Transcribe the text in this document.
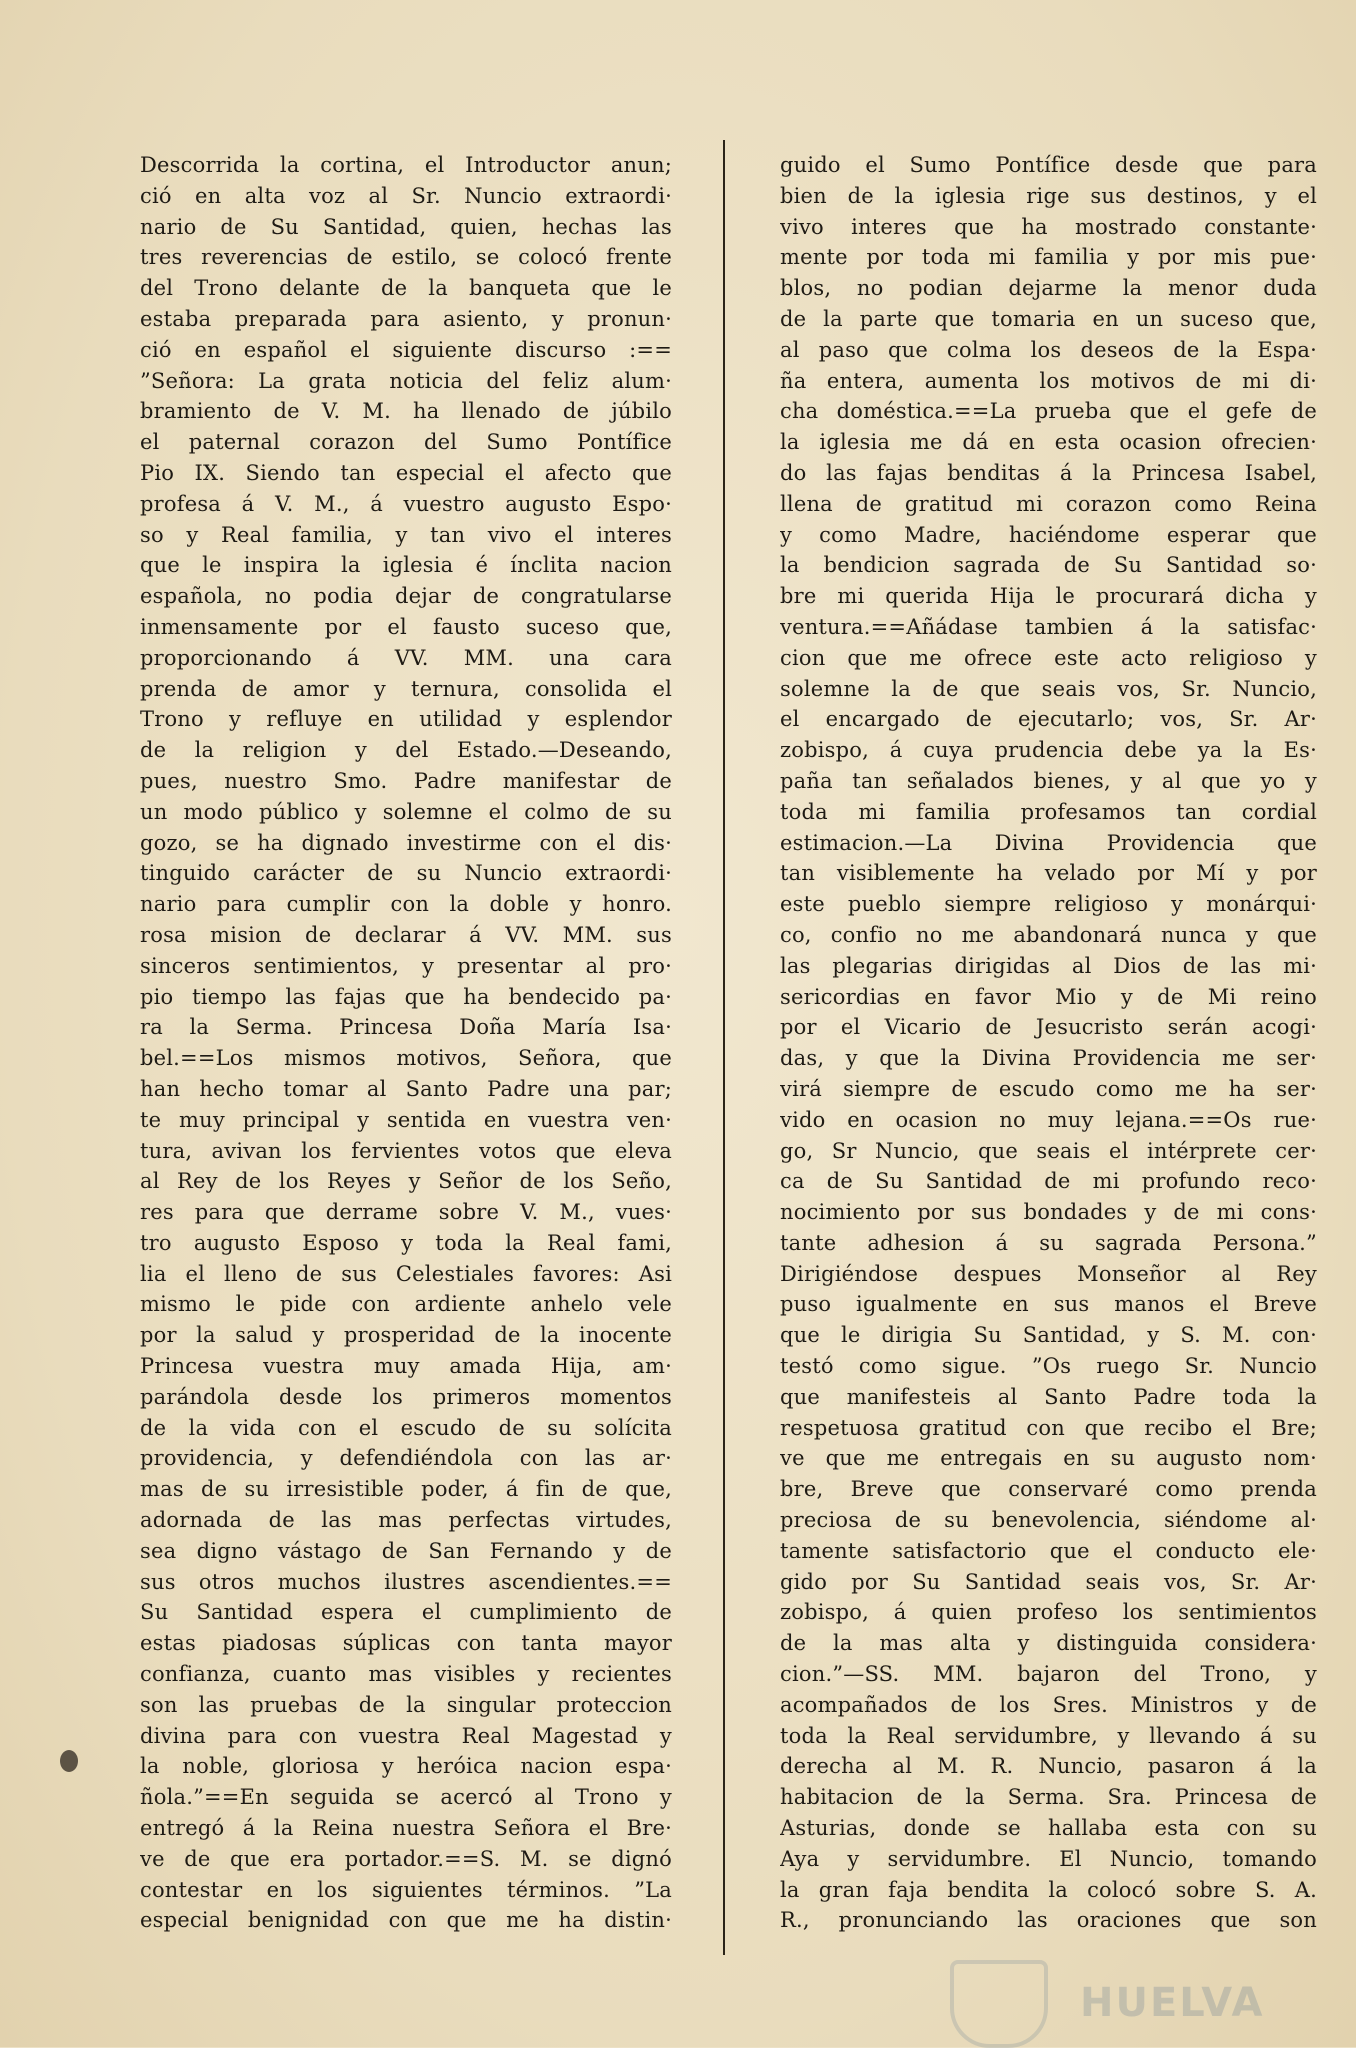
Descorrida la cortina, el Introductor anun;
ció en alta voz al Sr. Nuncio extraordi·
nario de Su Santidad, quien, hechas las
tres reverencias de estilo, se colocó frente
del Trono delante de la banqueta que le
estaba preparada para asiento, y pronun·
ció en español el siguiente discurso :==
”Señora: La grata noticia del feliz alum·
bramiento de V. M. ha llenado de júbilo
el paternal corazon del Sumo Pontífice
Pio IX. Siendo tan especial el afecto que
profesa á V. M., á vuestro augusto Espo·
so y Real familia, y tan vivo el interes
que le inspira la iglesia é ínclita nacion
española, no podia dejar de congratularse
inmensamente por el fausto suceso que,
proporcionando á VV. MM. una cara
prenda de amor y ternura, consolida el
Trono y refluye en utilidad y esplendor
de la religion y del Estado.—Deseando,
pues, nuestro Smo. Padre manifestar de
un modo público y solemne el colmo de su
gozo, se ha dignado investirme con el dis·
tinguido carácter de su Nuncio extraordi·
nario para cumplir con la doble y honro.
rosa mision de declarar á VV. MM. sus
sinceros sentimientos, y presentar al pro·
pio tiempo las fajas que ha bendecido pa·
ra la Serma. Princesa Doña María Isa·
bel.==Los mismos motivos, Señora, que
han hecho tomar al Santo Padre una par;
te muy principal y sentida en vuestra ven·
tura, avivan los fervientes votos que eleva
al Rey de los Reyes y Señor de los Seño,
res para que derrame sobre V. M., vues·
tro augusto Esposo y toda la Real fami,
lia el lleno de sus Celestiales favores: Asi
mismo le pide con ardiente anhelo vele
por la salud y prosperidad de la inocente
Princesa vuestra muy amada Hija, am·
parándola desde los primeros momentos
de la vida con el escudo de su solícita
providencia, y defendiéndola con las ar·
mas de su irresistible poder, á fin de que,
adornada de las mas perfectas virtudes,
sea digno vástago de San Fernando y de
sus otros muchos ilustres ascendientes.==
Su Santidad espera el cumplimiento de
estas piadosas súplicas con tanta mayor
confianza, cuanto mas visibles y recientes
son las pruebas de la singular proteccion
divina para con vuestra Real Magestad y
la noble, gloriosa y heróica nacion espa·
ñola.”==En seguida se acercó al Trono y
entregó á la Reina nuestra Señora el Bre·
ve de que era portador.==S. M. se dignó
contestar en los siguientes términos. ”La
especial benignidad con que me ha distin·
guido el Sumo Pontífice desde que para
bien de la iglesia rige sus destinos, y el
vivo interes que ha mostrado constante·
mente por toda mi familia y por mis pue·
blos, no podian dejarme la menor duda
de la parte que tomaria en un suceso que,
al paso que colma los deseos de la Espa·
ña entera, aumenta los motivos de mi di·
cha doméstica.==La prueba que el gefe de
la iglesia me dá en esta ocasion ofrecien·
do las fajas benditas á la Princesa Isabel,
llena de gratitud mi corazon como Reina
y como Madre, haciéndome esperar que
la bendicion sagrada de Su Santidad so·
bre mi querida Hija le procurará dicha y
ventura.==Añádase tambien á la satisfac·
cion que me ofrece este acto religioso y
solemne la de que seais vos, Sr. Nuncio,
el encargado de ejecutarlo; vos, Sr. Ar·
zobispo, á cuya prudencia debe ya la Es·
paña tan señalados bienes, y al que yo y
toda mi familia profesamos tan cordial
estimacion.—La Divina Providencia que
tan visiblemente ha velado por Mí y por
este pueblo siempre religioso y monárqui·
co, confio no me abandonará nunca y que
las plegarias dirigidas al Dios de las mi·
sericordias en favor Mio y de Mi reino
por el Vicario de Jesucristo serán acogi·
das, y que la Divina Providencia me ser·
virá siempre de escudo como me ha ser·
vido en ocasion no muy lejana.==Os rue·
go, Sr Nuncio, que seais el intérprete cer·
ca de Su Santidad de mi profundo reco·
nocimiento por sus bondades y de mi cons·
tante adhesion á su sagrada Persona.”
Dirigiéndose despues Monseñor al Rey
puso igualmente en sus manos el Breve
que le dirigia Su Santidad, y S. M. con·
testó como sigue. ”Os ruego Sr. Nuncio
que manifesteis al Santo Padre toda la
respetuosa gratitud con que recibo el Bre;
ve que me entregais en su augusto nom·
bre, Breve que conservaré como prenda
preciosa de su benevolencia, siéndome al·
tamente satisfactorio que el conducto ele·
gido por Su Santidad seais vos, Sr. Ar·
zobispo, á quien profeso los sentimientos
de la mas alta y distinguida considera·
cion.”—SS. MM. bajaron del Trono, y
acompañados de los Sres. Ministros y de
toda la Real servidumbre, y llevando á su
derecha al M. R. Nuncio, pasaron á la
habitacion de la Serma. Sra. Princesa de
Asturias, donde se hallaba esta con su
Aya y servidumbre. El Nuncio, tomando
la gran faja bendita la colocó sobre S. A.
R., pronunciando las oraciones que son
HUELVA
